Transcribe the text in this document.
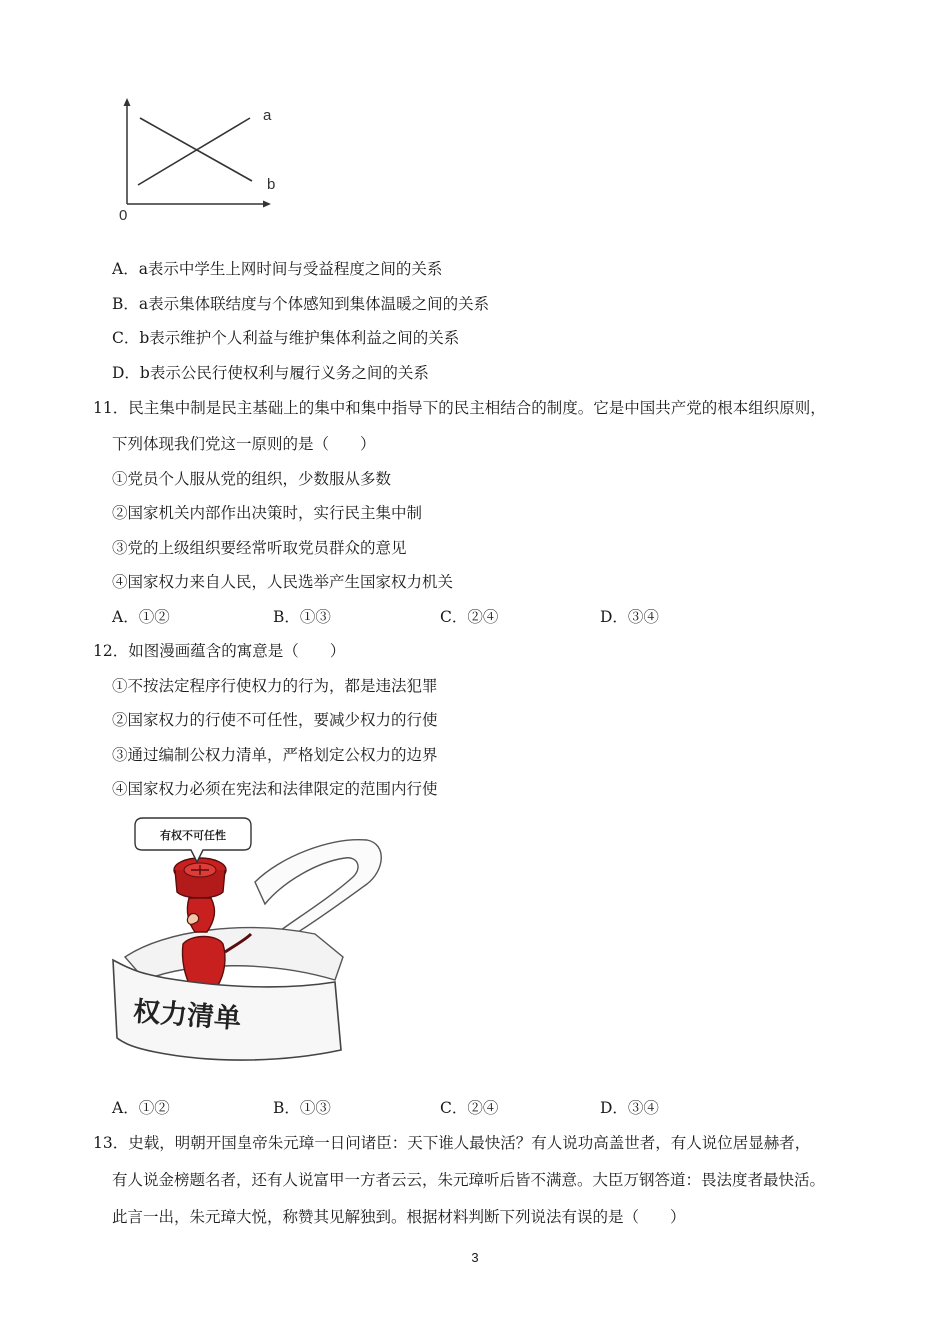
0
a
b
A．a表示中学生上网时间与受益程度之间的关系
B．a表示集体联结度与个体感知到集体温暖之间的关系
C．b表示维护个人利益与维护集体利益之间的关系
D．b表示公民行使权利与履行义务之间的关系
11．民主集中制是民主基础上的集中和集中指导下的民主相结合的制度。它是中国共产党的根本组织原则，
下列体现我们党这一原则的是（　　）
①党员个人服从党的组织，少数服从多数
②国家机关内部作出决策时，实行民主集中制
③党的上级组织要经常听取党员群众的意见
④国家权力来自人民，人民选举产生国家权力机关
A．①②	B．①③	C．②④	D．③④
12．如图漫画蕴含的寓意是（　　）
①不按法定程序行使权力的行为，都是违法犯罪
②国家权力的行使不可任性，要减少权力的行使
③通过编制公权力清单，严格划定公权力的边界
④国家权力必须在宪法和法律限定的范围内行使
有权不可任性
权力清单
A．①②	B．①③	C．②④	D．③④
13．史载，明朝开国皇帝朱元璋一日问诸臣：天下谁人最快活？有人说功高盖世者，有人说位居显赫者，
有人说金榜题名者，还有人说富甲一方者云云，朱元璋听后皆不满意。大臣万钢答道：畏法度者最快活。
此言一出，朱元璋大悦，称赞其见解独到。根据材料判断下列说法有误的是（　　）
3
